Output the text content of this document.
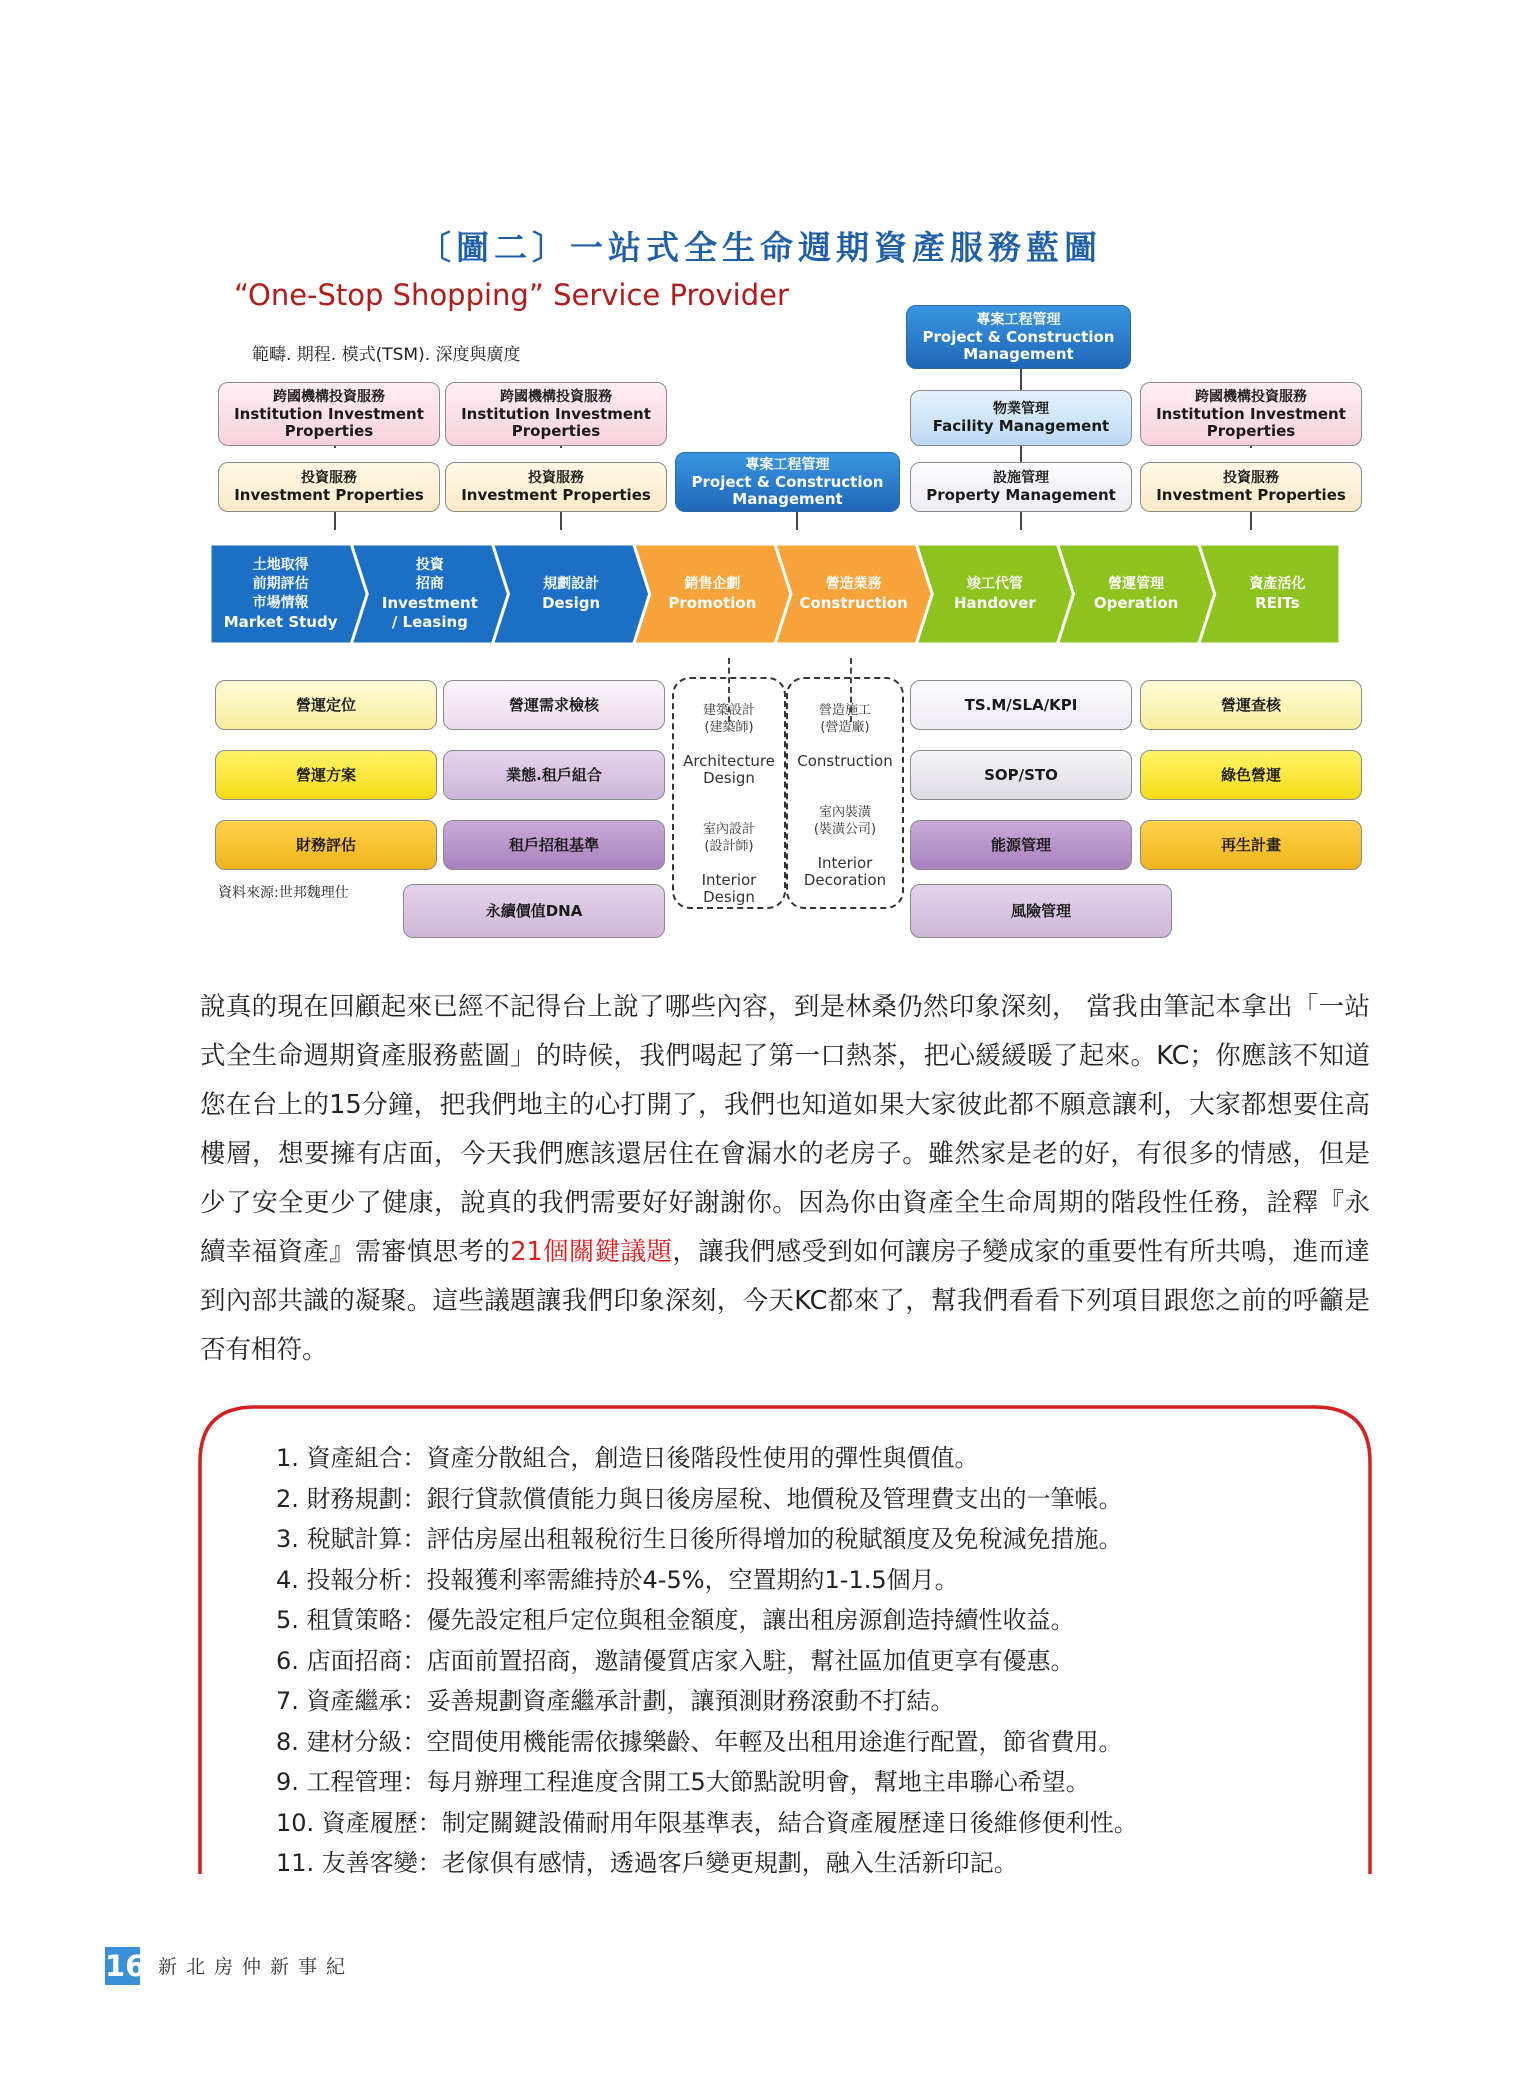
〔圖二〕一站式全生命週期資產服務藍圖
“One-Stop Shopping” Service Provider
範疇. 期程. 模式(TSM). 深度與廣度
專案工程管理
Project & Construction Management
專案工程管理
Project & Construction Management
跨國機構投資服務
Institution Investment Properties
投資服務
Investment Properties
跨國機構投資服務
Institution Investment Properties
投資服務
Investment Properties
物業管理
Facility Management
設施管理
Property Management
跨國機構投資服務
Institution Investment Properties
投資服務
Investment Properties
土地取得
前期評估
市場情報
Market Study
投資
招商
Investment
/ Leasing
規劃設計
Design
銷售企劃
Promotion
營造業務
Construction
竣工代管
Handover
營運管理
Operation
資產活化
REITs
營運定位
營運方案
財務評估
營運需求檢核
業態.租戶組合
租戶招租基準
永續價值DNA

建築設計
(建築師)

Architecture
Design

室內設計
(設計師)

Interior
Design

營造施工
(營造廠)

Construction

室內裝潢
(裝潢公司)

Interior
Decoration

TS.M/SLA/KPI
SOP/STO
能源管理
風險管理
營運查核
綠色營運
再生計畫
資料來源:世邦魏理仕
說真的現在回顧起來已經不記得台上說了哪些內容，到是林桑仍然印象深刻， 當我由筆記本拿出「一站式全生命週期資產服務藍圖」的時候，我們喝起了第一口熱茶，把心緩緩暖了起來。KC；你應該不知道您在台上的15分鐘，把我們地主的心打開了，我們也知道如果大家彼此都不願意讓利，大家都想要住高樓層，想要擁有店面，今天我們應該還居住在會漏水的老房子。雖然家是老的好，有很多的情感，但是少了安全更少了健康，說真的我們需要好好謝謝你。因為你由資產全生命周期的階段性任務，詮釋『永續幸福資產』需審慎思考的21個關鍵議題，讓我們感受到如何讓房子變成家的重要性有所共鳴，進而達到內部共識的凝聚。這些議題讓我們印象深刻，今天KC都來了，幫我們看看下列項目跟您之前的呼籲是否有相符。
1. 資產組合：資產分散組合，創造日後階段性使用的彈性與價值。
2. 財務規劃：銀行貸款償債能力與日後房屋稅、地價稅及管理費支出的一筆帳。
3. 稅賦計算：評估房屋出租報稅衍生日後所得增加的稅賦額度及免稅減免措施。
4. 投報分析：投報獲利率需維持於4-5%，空置期約1-1.5個月。
5. 租賃策略：優先設定租戶定位與租金額度，讓出租房源創造持續性收益。
6. 店面招商：店面前置招商，邀請優質店家入駐，幫社區加值更享有優惠。
7. 資產繼承：妥善規劃資產繼承計劃，讓預測財務滾動不打結。
8. 建材分級：空間使用機能需依據樂齡、年輕及出租用途進行配置，節省費用。
9. 工程管理：每月辦理工程進度含開工5大節點說明會，幫地主串聯心希望。
10. 資產履歷：制定關鍵設備耐用年限基準表，結合資產履歷達日後維修便利性。
11. 友善客變：老傢俱有感情，透過客戶變更規劃，融入生活新印記。
16 新北房仲新事紀
